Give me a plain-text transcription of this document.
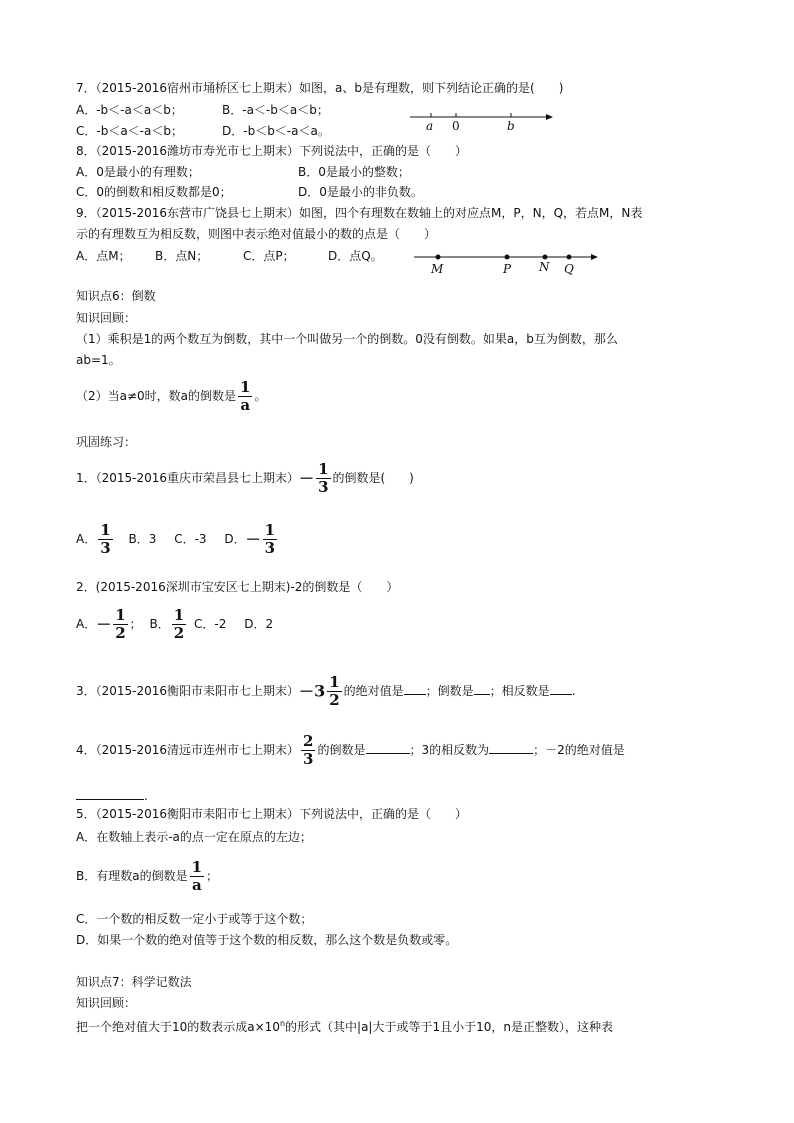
7．（2015-2016宿州市埇桥区七上期末）如图，a、b是有理数，则下列结论正确的是(　　)
A．-b＜-a＜a＜b；	B．-a＜-b＜a＜b；
C．-b＜a＜-a＜b；	D．-b＜b＜-a＜a。	a 0	b
8．（2015-2016潍坊市寿光市七上期末）下列说法中，正确的是（　　）
A．0是最小的有理数；	B．0是最小的整数；
C．0的倒数和相反数都是0；	D．0是最小的非负数。
9．（2015-2016东营市广饶县七上期末）如图，四个有理数在数轴上的对应点M，P，N，Q，若点M，N表
示的有理数互为相反数，则图中表示绝对值最小的数的点是（　　）
A．点M； B．点N；	C．点P；	D．点Q。
M	P N Q
知识点6：倒数
知识回顾：
（1）乘积是1的两个数互为倒数，其中一个叫做另一个的倒数。0没有倒数。如果a，b互为倒数，那么
ab=1。
（2）当a≠0时，数a的倒数是 $\frac{1}{a}$ 。
巩固练习：
1．（2015-2016重庆市荣昌县七上期末）－ $\frac{1}{3}$ 的倒数是(　　)
A． $\frac{1}{3}$ B．3 C．-3 D．－ $\frac{1}{3}$
2．(2015-2016深圳市宝安区七上期末)-2的倒数是（　　）
A．－ $\frac{1}{2}$ ； B． $\frac{1}{2}$ C．-2 D．2
3．（2015-2016衡阳市耒阳市七上期末）$-3 \frac{1}{2}$ 的绝对值是 ；倒数是 ；相反数是 .
4．（2015-2016清远市连州市七上期末） $\frac{2}{3}$ 的倒数是	；3的相反数为	；－2的绝对值是
.
5．（2015-2016衡阳市耒阳市七上期末）下列说法中，正确的是（　　）
A．在数轴上表示-a的点一定在原点的左边；
B．有理数a的倒数是 $\frac{1}{a}$ ；
C．一个数的相反数一定小于或等于这个数；
D．如果一个数的绝对值等于这个数的相反数，那么这个数是负数或零。
知识点7：科学记数法
知识回顾：
把一个绝对值大于10的数表示成$a\times 10^n$的形式（其中|a|大于或等于1且小于10，n是正整数），这种表
